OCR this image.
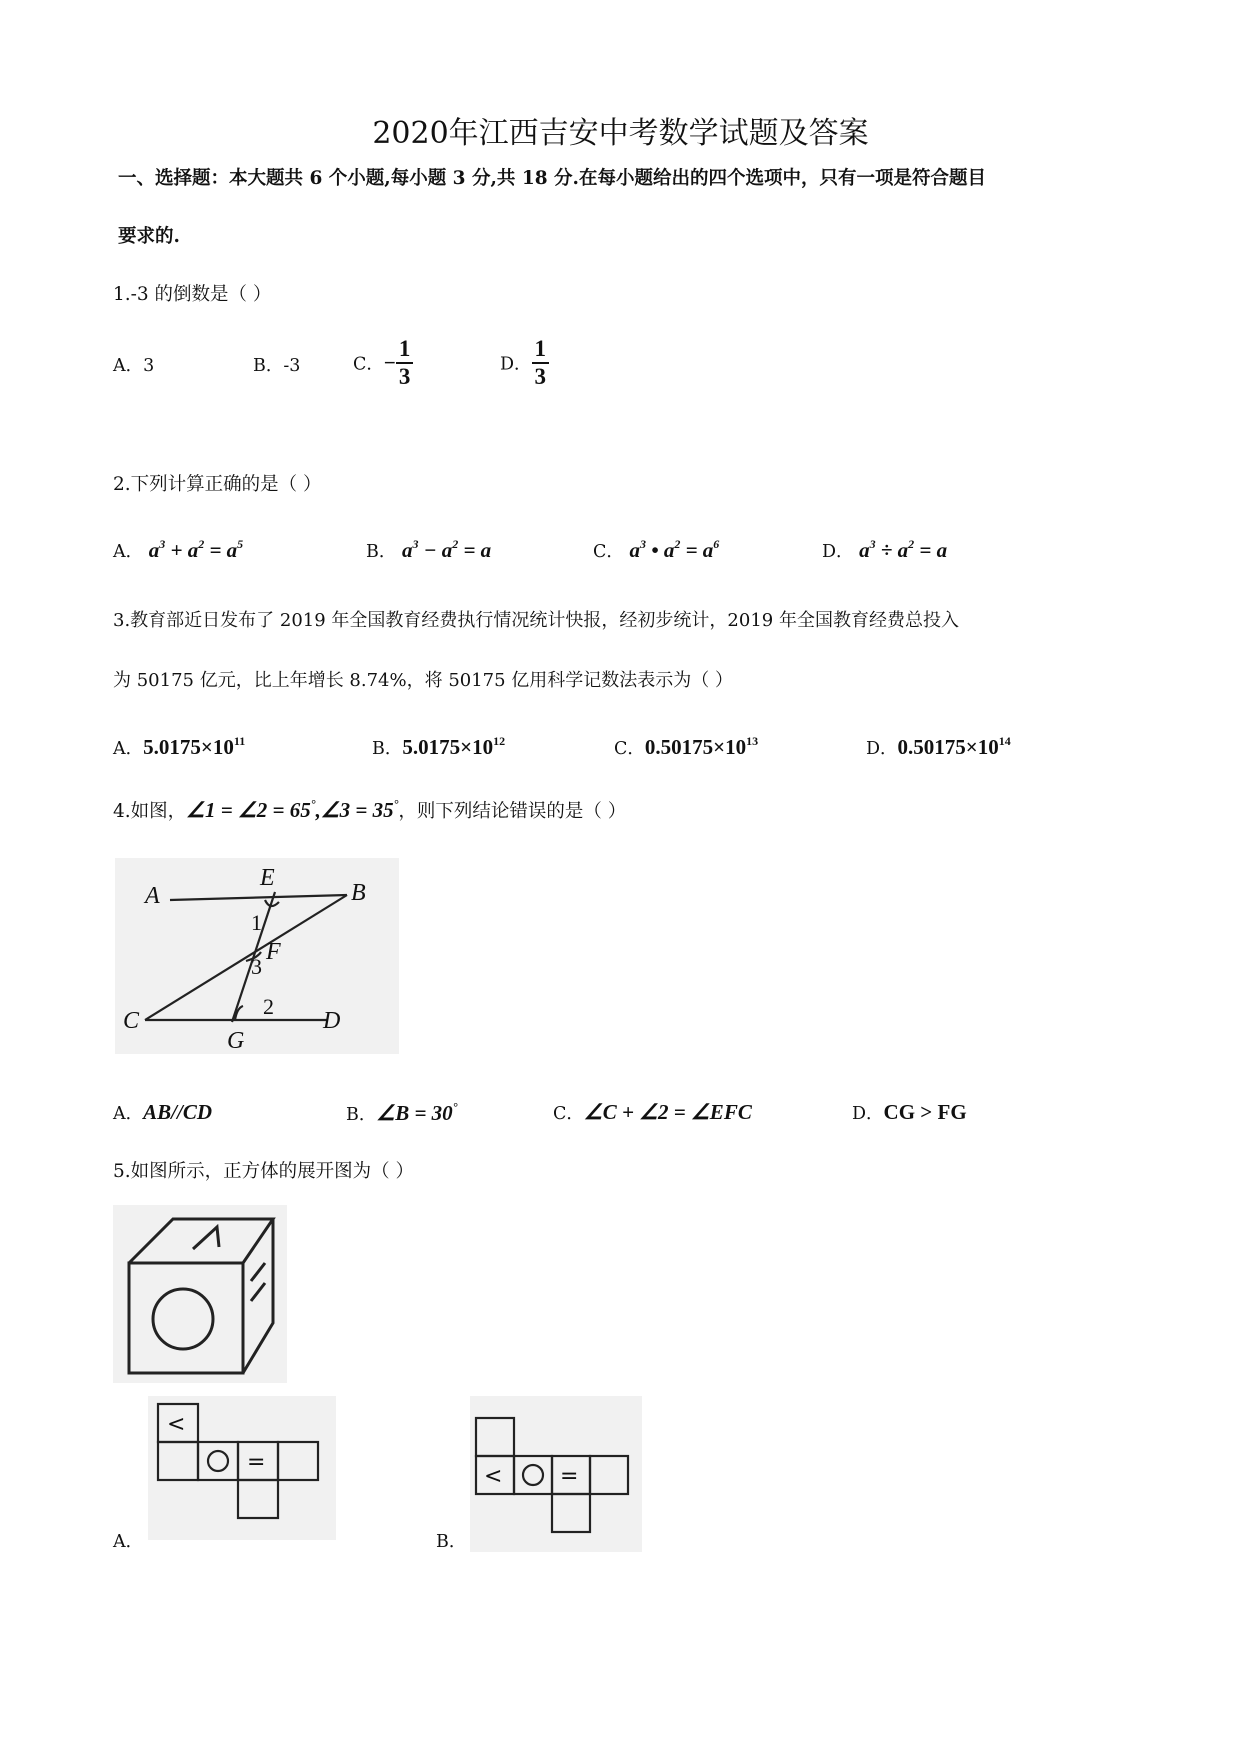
2020年江西吉安中考数学试题及答案
一、选择题：本大题共 6 个小题,每小题 3 分,共 18 分.在每小题给出的四个选项中，只有一项是符合题目
要求的.
1.-3 的倒数是（ ）
A．3	B．-3	C．− $\frac{1}{3}$	D． $\frac{1}{3}$
2.下列计算正确的是（ ）
A． $a^3 + a^2 = a^5$	B． $a^3 - a^2 = a$	C． $a^3$ • $a^2 = a^6$	D． $a^3 \div a^2 = a$
3.教育部近日发布了 2019 年全国教育经费执行情况统计快报，经初步统计，2019 年全国教育经费总投入
为 50175 亿元，比上年增长 8.74%，将 50175 亿用科学记数法表示为（ ）
A．$5.0175\times 10^{11}$	B．$5.0175\times 10^{12}$	C．$0.50175\times 10^{13}$	D．$0.50175\times 10^{14}$
4.如图，∠1 = ∠2 = 65°,∠3 = 35°，则下列结论错误的是（ ）
A
E
B
F
C
G
D
1
3
2
A．AB//CD	B．∠B = 30°	C．∠C + ∠2 = ∠EFC	D．CG > FG
5.如图所示，正方体的展开图为（ ）
<
=
A．
<	=
B．
